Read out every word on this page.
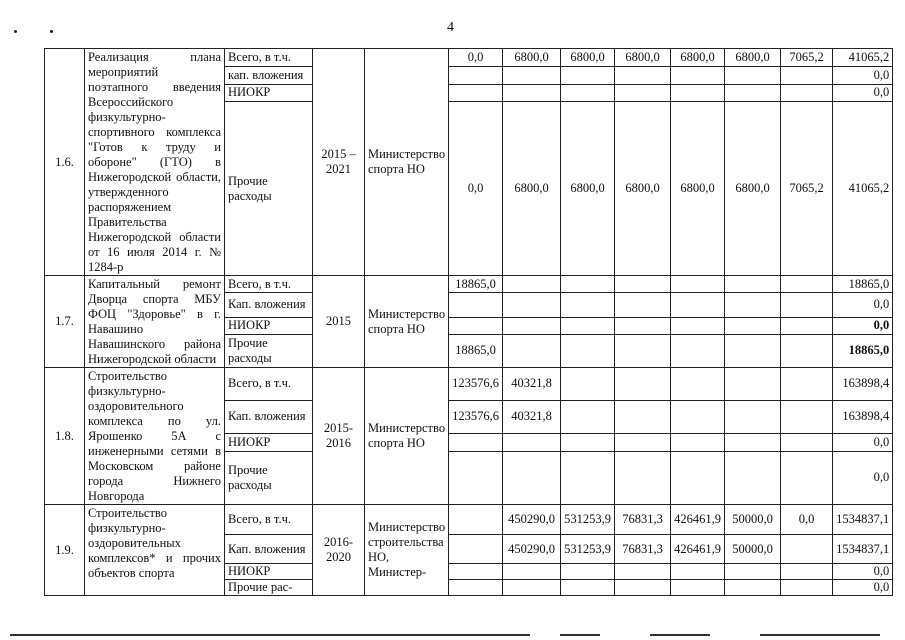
4
1.6.	Реализация плана мероприятий поэтапного введения Всероссийского физкультурно-спортивного комплекса "Готов к труду и обороне" (ГТО) в Нижегородской области, утвержденного распоряжением Правительства Нижегородской области от 16 июля 2014 г. № 1284-р	Всего, в т.ч.	2015 – 2021	Министерство спорта НО	0,0	6800,0	6800,0	6800,0	6800,0	6800,0	7065,2	41065,2
		кап. вложения										0,0
		НИОКР										0,0
		Прочие расходы			0,0	6800,0	6800,0	6800,0	6800,0	6800,0	7065,2	41065,2
1.7.	Капитальный ремонт Дворца спорта МБУ ФОЦ "Здоровье" в г. Навашино Навашинского района Нижегородской области	Всего, в т.ч.	2015	Министерство спорта НО	18865,0							18865,0
		Кап. вложения										0,0
		НИОКР										0,0
		Прочие расходы			18865,0							18865,0
1.8.	Строительство физкультурно-оздоровительного комплекса по ул. Ярошенко 5А с инженерными сетями в Московском районе города Нижнего Новгорода	Всего, в т.ч.	2015-2016	Министерство спорта НО	123576,6	40321,8						163898,4
		Кап. вложения			123576,6	40321,8						163898,4
		НИОКР										0,0
		Прочие расходы										0,0
1.9.	Строительство физкультурно-оздоровительных комплексов* и прочих объектов спорта	Всего, в т.ч.	2016-2020	Министерство строительства НО, Министер-		450290,0	531253,9	76831,3	426461,9	50000,0	0,0	1534837,1
		Кап. вложения				450290,0	531253,9	76831,3	426461,9	50000,0		1534837,1
		НИОКР										0,0
		Прочие рас-										0,0
